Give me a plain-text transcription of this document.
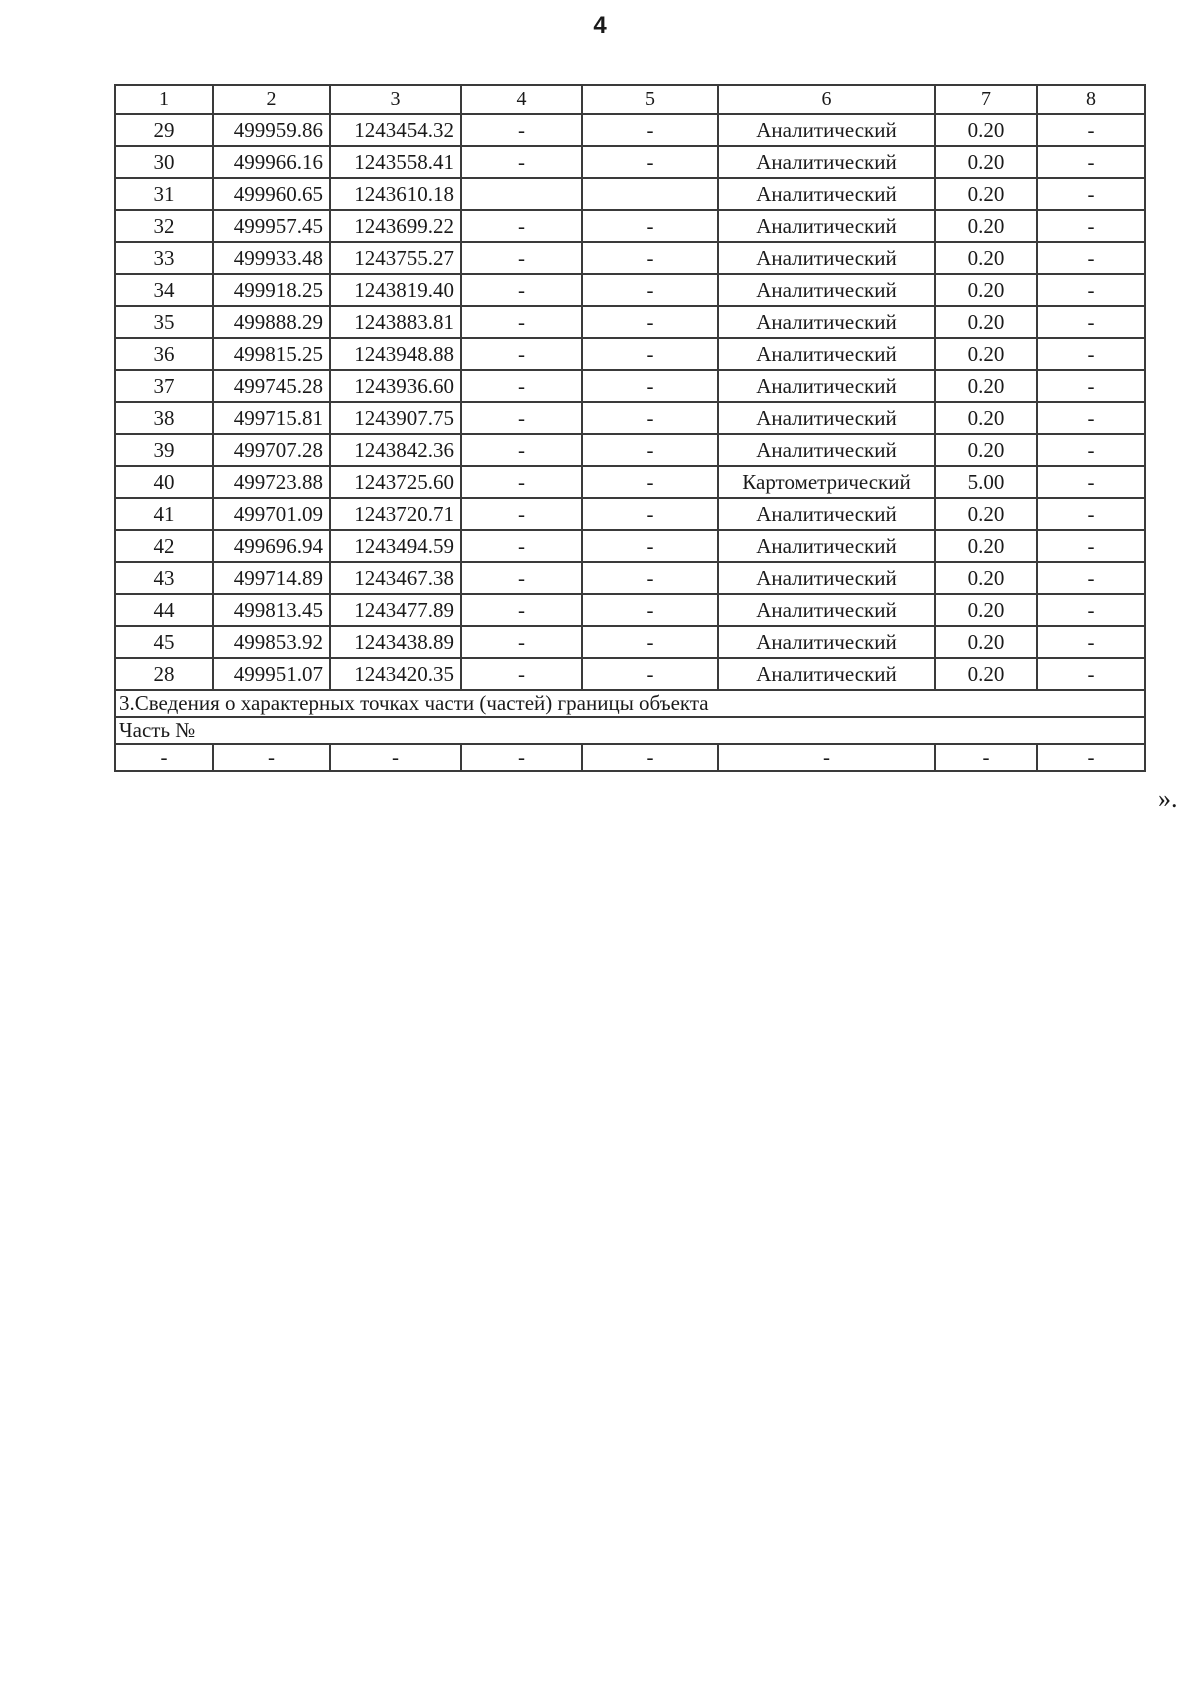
4
1	2	3	4	5	6	7	8
29	499959.86	1243454.32	-	-	Аналитический	0.20	-
30	499966.16	1243558.41	-	-	Аналитический	0.20	-
31	499960.65	1243610.18			Аналитический	0.20	-
32	499957.45	1243699.22	-	-	Аналитический	0.20	-
33	499933.48	1243755.27	-	-	Аналитический	0.20	-
34	499918.25	1243819.40	-	-	Аналитический	0.20	-
35	499888.29	1243883.81	-	-	Аналитический	0.20	-
36	499815.25	1243948.88	-	-	Аналитический	0.20	-
37	499745.28	1243936.60	-	-	Аналитический	0.20	-
38	499715.81	1243907.75	-	-	Аналитический	0.20	-
39	499707.28	1243842.36	-	-	Аналитический	0.20	-
40	499723.88	1243725.60	-	-	Картометрический	5.00	-
41	499701.09	1243720.71	-	-	Аналитический	0.20	-
42	499696.94	1243494.59	-	-	Аналитический	0.20	-
43	499714.89	1243467.38	-	-	Аналитический	0.20	-
44	499813.45	1243477.89	-	-	Аналитический	0.20	-
45	499853.92	1243438.89	-	-	Аналитический	0.20	-
28	499951.07	1243420.35	-	-	Аналитический	0.20	-
3.Сведения о характерных точках части (частей) границы объекта							
Часть №							
-	-	-	-	-	-	-	-
».
